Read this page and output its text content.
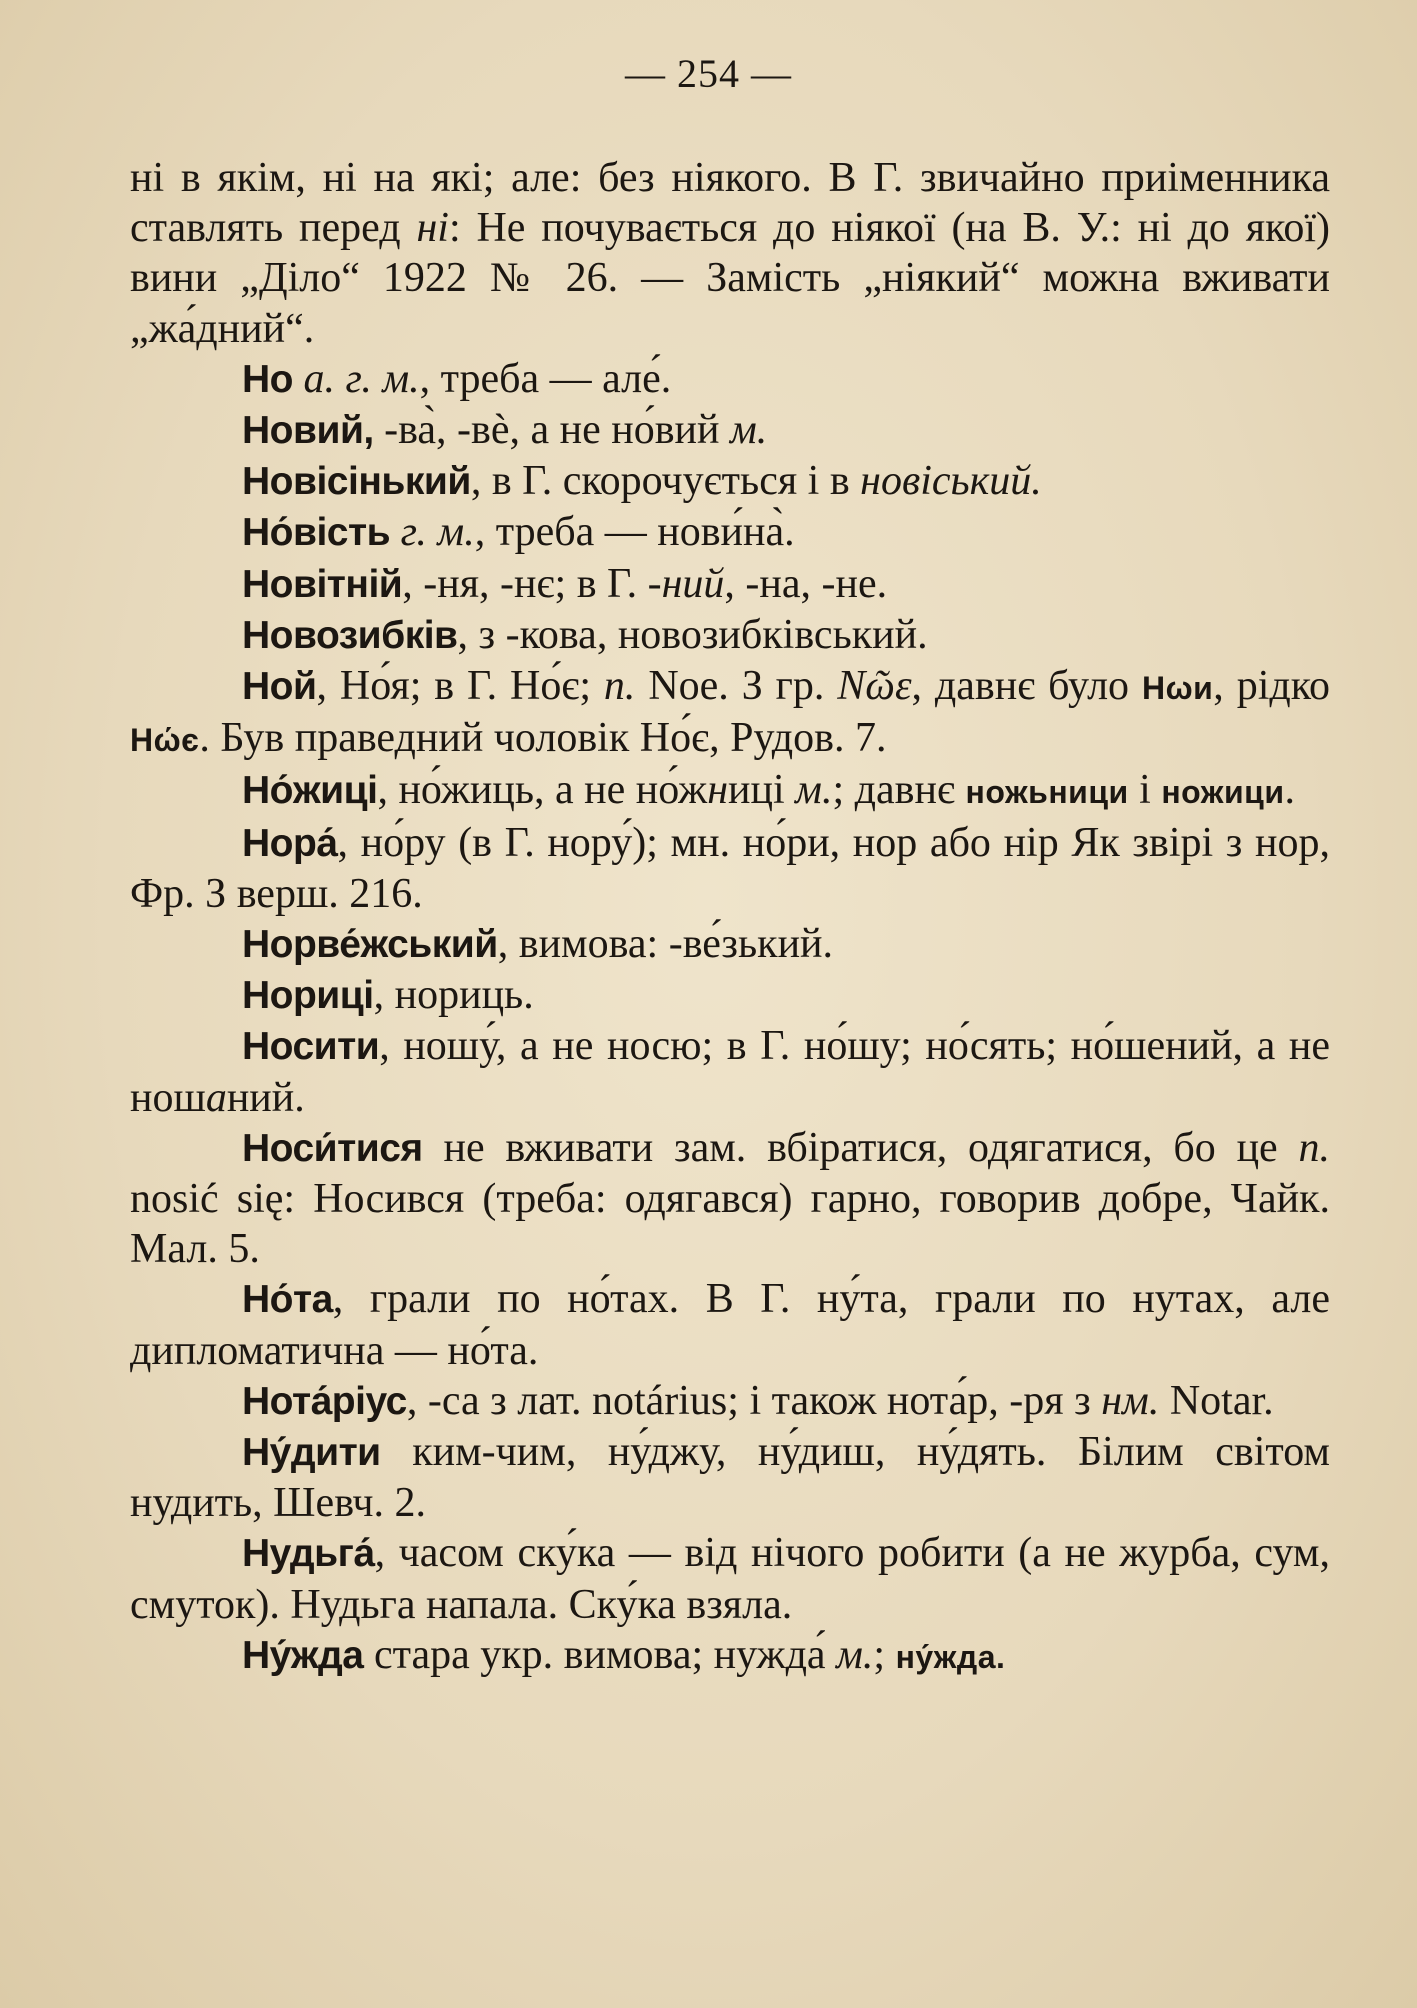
— 254 —

ні в якім, ні на які; але: без ніякого. В Г. звичайно приіменника ставлять перед ні: Не почувається до ніякої (на В. У.: ні до якої) вини „Діло“ 1922 № 26. — Замість „ніякий“ можна вживати „жа́дний“.

Но а. г. м., треба — але́.

Новий, -ва̀, -вѐ, а не но́вий м.

Новісінький, в Г. скорочується і в новіський.

Но́вість г. м., треба — нови́на̀.

Новітній, -ня, -нє; в Г. -ний, -на, -не.

Новозибків, з -кова, новозибківський.

Ной, Но́я; в Г. Но́є; п. Noe. З гр. Nῶε, давнє було Нωи, рідко Нώє. Був праведний чоловік Но́є, Рудов. 7.

Но́жиці, но́жиць, а не но́жниці м.; давнє ножьници і ножици.

Нора́, но́ру (в Г. нору́); мн. но́ри, нор або нір Як звірі з нор, Фр. З верш. 216.

Норве́жський, вимова: -ве́зький.

Нориці, нориць.

Носити, ношу́, а не носю; в Г. но́шу; но́сять; но́шений, а не ношаний.

Носи́тися не вживати зам. вбіратися, одягатися, бо це п. nosić się: Носився (треба: одягався) гарно, говорив добре, Чайк. Мал. 5.

Но́та, грали по но́тах. В Г. ну́та, грали по нутах, але дипломатична — но́та.

Нота́ріус, -са з лат. notárius; і також нота́р, -ря з нм. Notar.

Ну́дити ким-чим, ну́джу, ну́диш, ну́дять. Білим світом нудить, Шевч. 2.

Нудьга́, часом ску́ка — від нічого робити (а не журба, сум, смуток). Нудьга напала. Ску́ка взяла.

Ну́жда стара укр. вимова; нужда́ м.; ну́жда.
